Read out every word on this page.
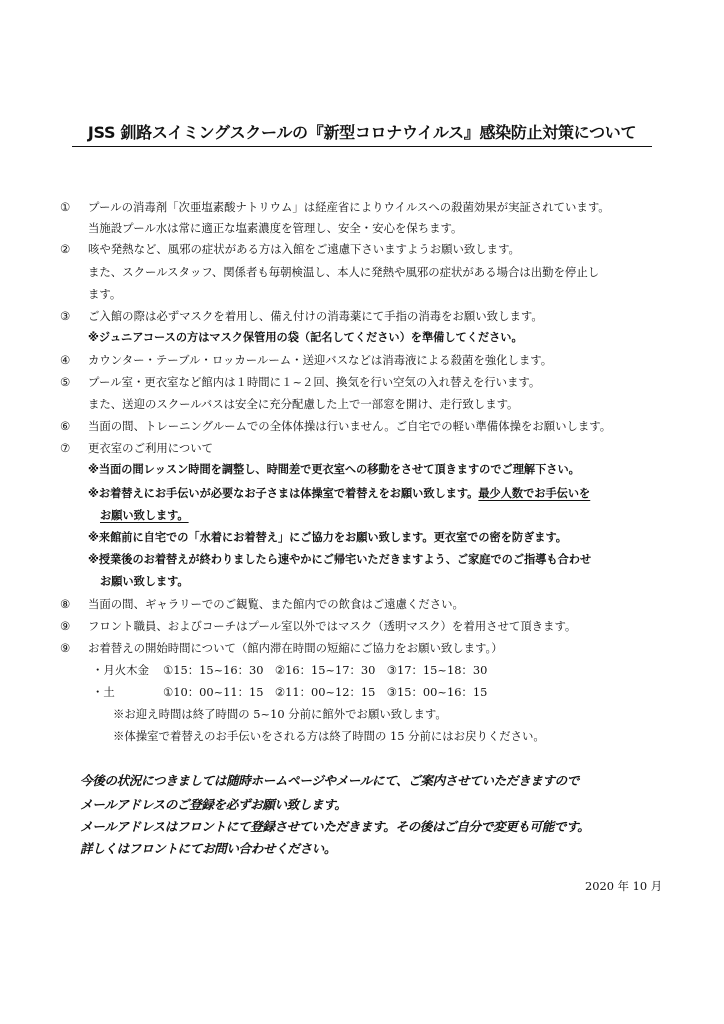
JSS 釧路スイミングスクールの『新型コロナウイルス』感染防止対策について
① プールの消毒剤「次亜塩素酸ナトリウム」は経産省によりウイルスへの殺菌効果が実証されています。
当施設プール水は常に適正な塩素濃度を管理し、安全・安心を保ちます。
② 咳や発熱など、風邪の症状がある方は入館をご遠慮下さいますようお願い致します。
また、スクールスタッフ、関係者も毎朝検温し、本人に発熱や風邪の症状がある場合は出勤を停止し
ます。
③ ご入館の際は必ずマスクを着用し、備え付けの消毒薬にて手指の消毒をお願い致します。
※ジュニアコースの方はマスク保管用の袋（記名してください）を準備してください。
④ カウンター・テーブル・ロッカールーム・送迎バスなどは消毒液による殺菌を強化します。
⑤ プール室・更衣室など館内は１時間に１~２回、換気を行い空気の入れ替えを行います。
また、送迎のスクールバスは安全に充分配慮した上で一部窓を開け、走行致します。
⑥ 当面の間、トレーニングルームでの全体体操は行いません。ご自宅での軽い準備体操をお願いします。
⑦ 更衣室のご利用について
※当面の間レッスン時間を調整し、時間差で更衣室への移動をさせて頂きますのでご理解下さい。
※お着替えにお手伝いが必要なお子さまは体操室で着替えをお願い致します。最少人数でお手伝いを
お願い致します。
※来館前に自宅での「水着にお着替え」にご協力をお願い致します。更衣室での密を防ぎます。
※授業後のお着替えが終わりましたら速やかにご帰宅いただきますよう、ご家庭でのご指導も合わせ
お願い致します。
⑧ 当面の間、ギャラリーでのご観覧、また館内での飲食はご遠慮ください。
⑨ フロント職員、およびコーチはプール室以外ではマスク（透明マスク）を着用させて頂きます。
⑨ お着替えの開始時間について（館内滞在時間の短縮にご協力をお願い致します。）
・月火木金 ①15：15~16：30　②16：15~17：30　③17：15~18：30
・土	①10：00~11：15　②11：00~12：15　③15：00~16：15
※お迎え時間は終了時間の 5~10 分前に館外でお願い致します。
※体操室で着替えのお手伝いをされる方は終了時間の 15 分前にはお戻りください。
今後の状況につきましては随時ホームページやメールにて、ご案内させていただきますので
メールアドレスのご登録を必ずお願い致します。
メールアドレスはフロントにて登録させていただきます。その後はご自分で変更も可能です。
詳しくはフロントにてお問い合わせください。
2020 年 10 月
